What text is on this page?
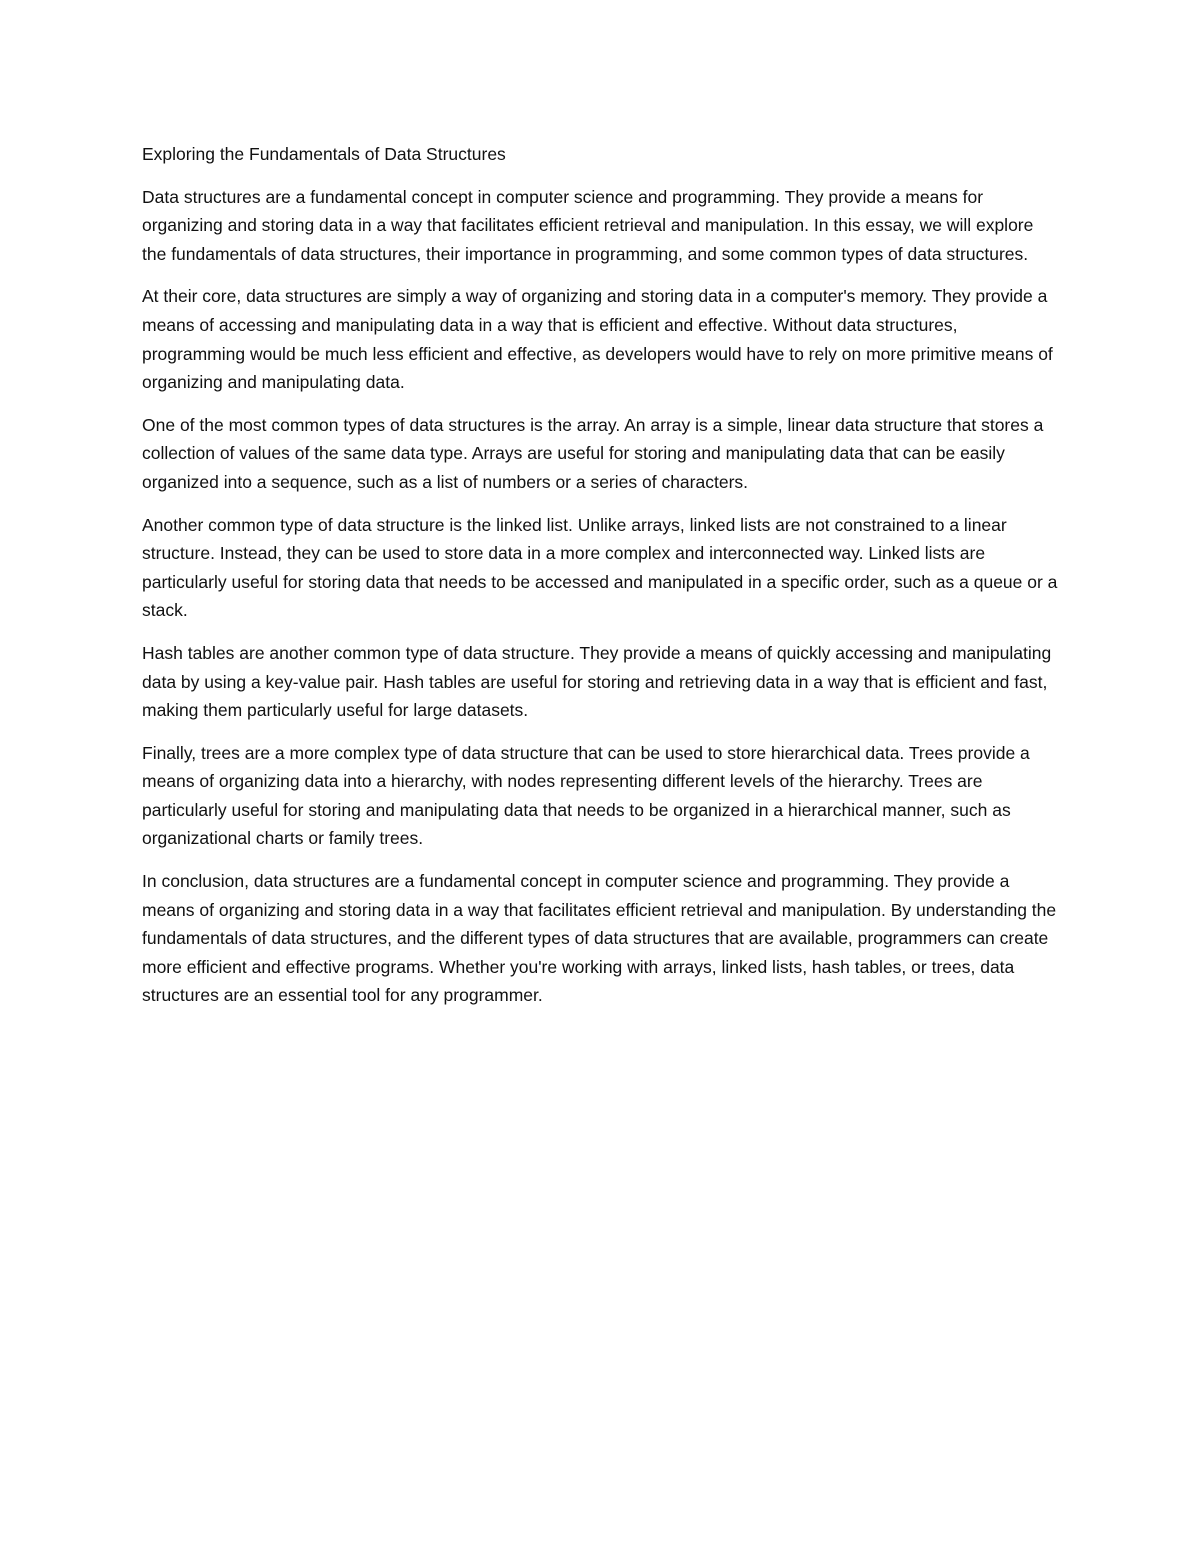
Exploring the Fundamentals of Data Structures

Data structures are a fundamental concept in computer science and programming. They provide a means for organizing and storing data in a way that facilitates efficient retrieval and manipulation. In this essay, we will explore the fundamentals of data structures, their importance in programming, and some common types of data structures.

At their core, data structures are simply a way of organizing and storing data in a computer's memory. They provide a means of accessing and manipulating data in a way that is efficient and effective. Without data structures, programming would be much less efficient and effective, as developers would have to rely on more primitive means of organizing and manipulating data.

One of the most common types of data structures is the array. An array is a simple, linear data structure that stores a collection of values of the same data type. Arrays are useful for storing and manipulating data that can be easily organized into a sequence, such as a list of numbers or a series of characters.

Another common type of data structure is the linked list. Unlike arrays, linked lists are not constrained to a linear structure. Instead, they can be used to store data in a more complex and interconnected way. Linked lists are particularly useful for storing data that needs to be accessed and manipulated in a specific order, such as a queue or a stack.

Hash tables are another common type of data structure. They provide a means of quickly accessing and manipulating data by using a key-value pair. Hash tables are useful for storing and retrieving data in a way that is efficient and fast, making them particularly useful for large datasets.

Finally, trees are a more complex type of data structure that can be used to store hierarchical data. Trees provide a means of organizing data into a hierarchy, with nodes representing different levels of the hierarchy. Trees are particularly useful for storing and manipulating data that needs to be organized in a hierarchical manner, such as organizational charts or family trees.

In conclusion, data structures are a fundamental concept in computer science and programming. They provide a means of organizing and storing data in a way that facilitates efficient retrieval and manipulation. By understanding the fundamentals of data structures, and the different types of data structures that are available, programmers can create more efficient and effective programs. Whether you're working with arrays, linked lists, hash tables, or trees, data structures are an essential tool for any programmer.
